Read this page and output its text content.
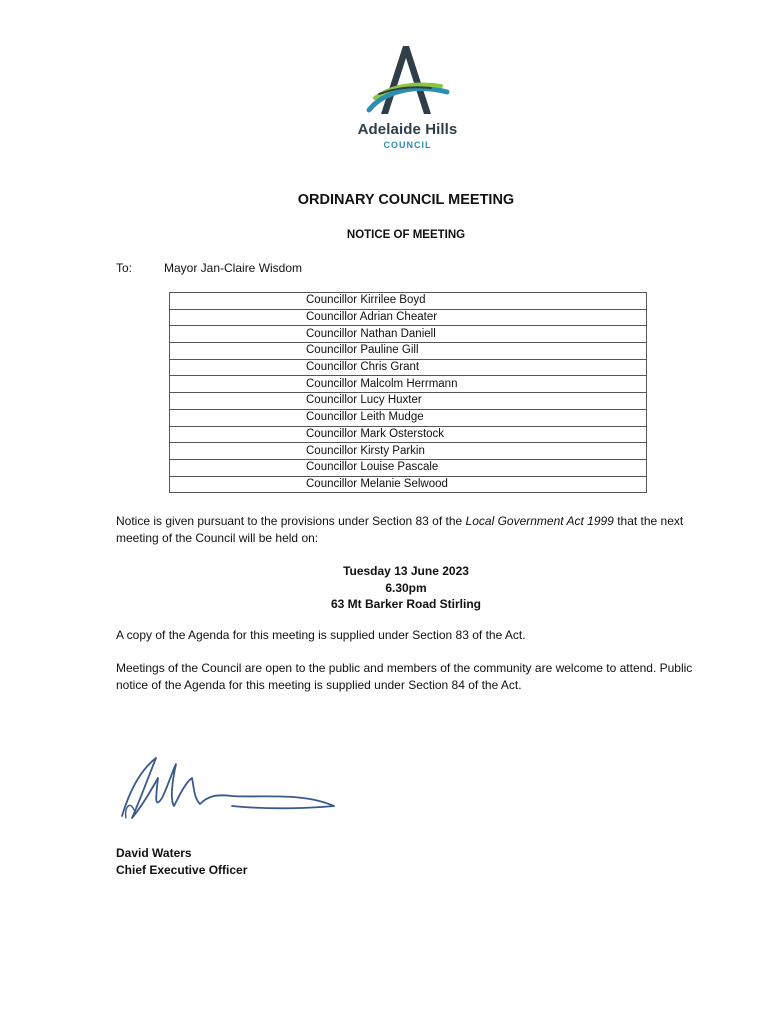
Adelaide Hills
COUNCIL
ORDINARY COUNCIL MEETING
NOTICE OF MEETING
To:	Mayor Jan-Claire Wisdom
Councillor Kirrilee Boyd
Councillor Adrian Cheater
Councillor Nathan Daniell
Councillor Pauline Gill
Councillor Chris Grant
Councillor Malcolm Herrmann
Councillor Lucy Huxter
Councillor Leith Mudge
Councillor Mark Osterstock
Councillor Kirsty Parkin
Councillor Louise Pascale
Councillor Melanie Selwood
Notice is given pursuant to the provisions under Section 83 of the Local Government Act 1999 that the next meeting of the Council will be held on:
Tuesday 13 June 2023
6.30pm
63 Mt Barker Road Stirling
A copy of the Agenda for this meeting is supplied under Section 83 of the Act.
Meetings of the Council are open to the public and members of the community are welcome to attend. Public notice of the Agenda for this meeting is supplied under Section 84 of the Act.
David Waters
Chief Executive Officer
